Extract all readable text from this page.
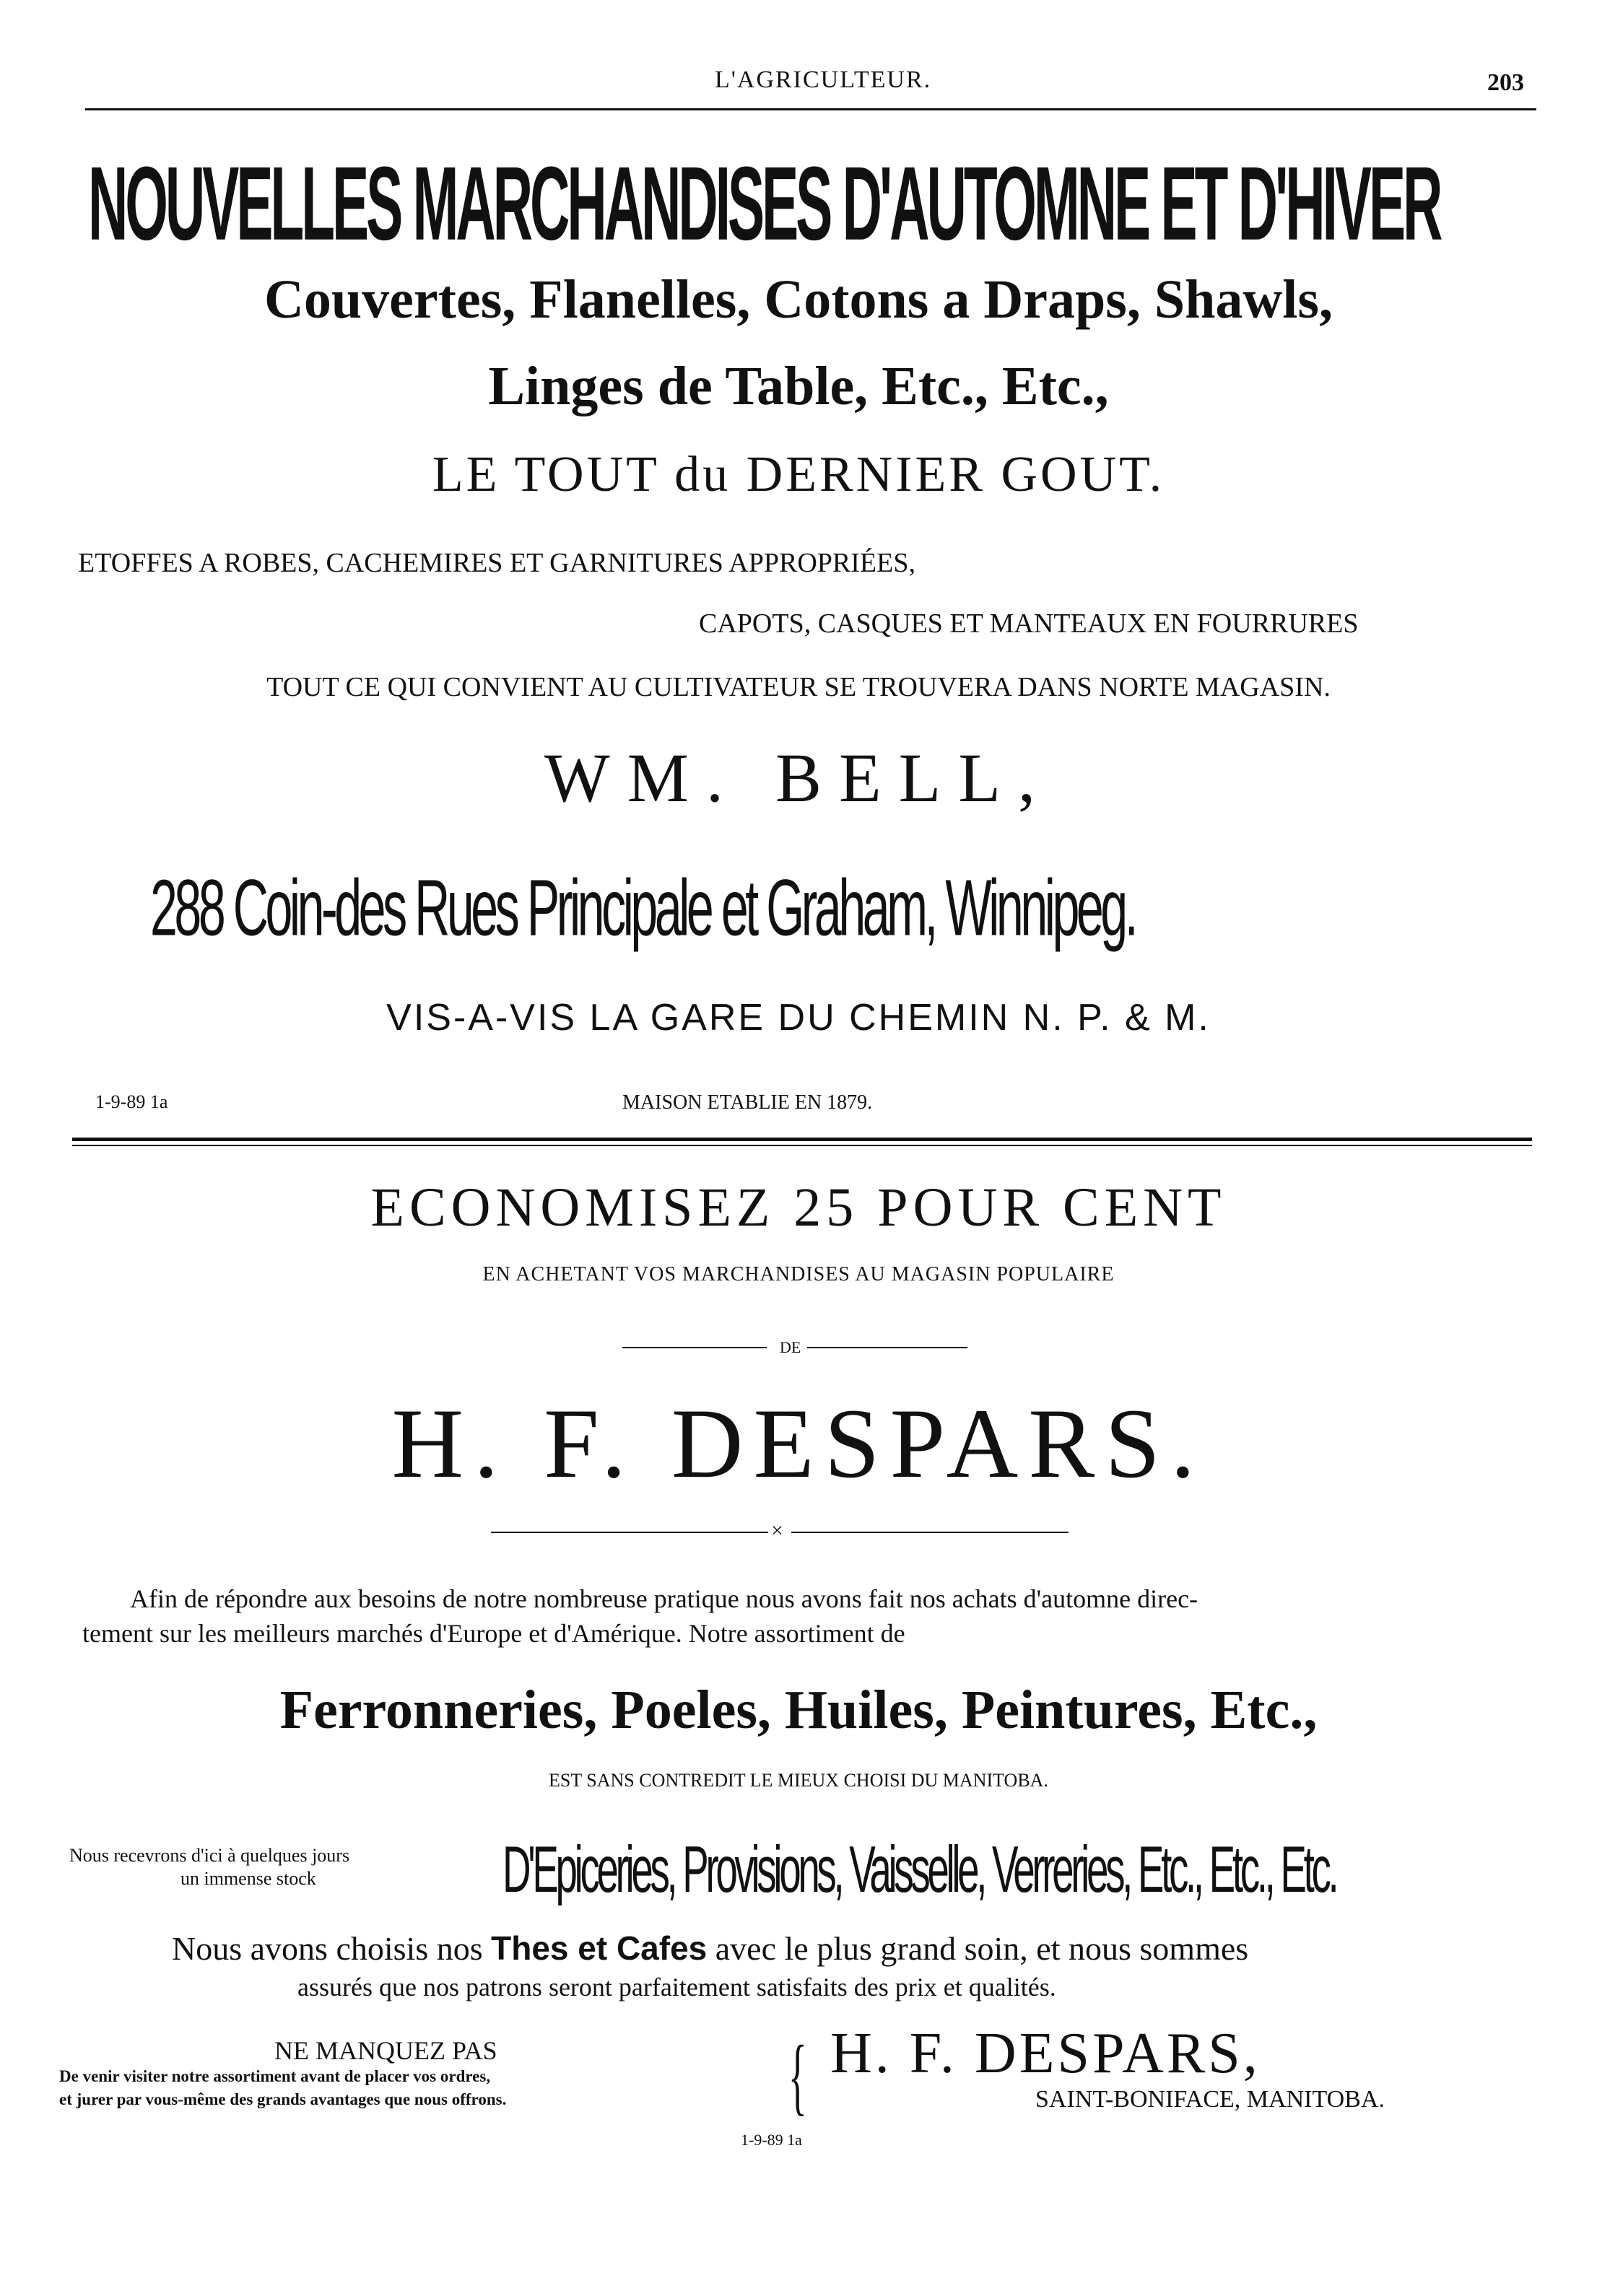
L'AGRICULTEUR.	203
NOUVELLES MARCHANDISES D'AUTOMNE ET D'HIVER
Couvertes, Flanelles, Cotons a Draps, Shawls,
Linges de Table, Etc., Etc.,
LE TOUT du DERNIER GOUT.
ETOFFES A ROBES, CACHEMIRES ET GARNITURES APPROPRIÉES,
CAPOTS, CASQUES ET MANTEAUX EN FOURRURES
TOUT CE QUI CONVIENT AU CULTIVATEUR SE TROUVERA DANS NORTE MAGASIN.
WM. BELL,
288 Coin-des Rues Principale et Graham, Winnipeg.
VIS-A-VIS LA GARE DU CHEMIN N. P. & M.
1-9-89 1a	MAISON ETABLIE EN 1879.
ECONOMISEZ 25 POUR CENT
EN ACHETANT VOS MARCHANDISES AU MAGASIN POPULAIRE
DE
H. F. DESPARS.
×
Afin de répondre aux besoins de notre nombreuse pratique nous avons fait nos achats d'automne direc-
tement sur les meilleurs marchés d'Europe et d'Amérique. Notre assortiment de
Ferronneries, Poeles, Huiles, Peintures, Etc.,
EST SANS CONTREDIT LE MIEUX CHOISI DU MANITOBA.
Nous recevrons d'ici à quelques jours
un immense stock	D'Epiceries, Provisions, Vaisselle, Verreries, Etc., Etc., Etc.
Nous avons choisis nos Thes et Cafes avec le plus grand soin, et nous sommes
assurés que nos patrons seront parfaitement satisfaits des prix et qualités.
NE MANQUEZ PAS
De venir visiter notre assortiment avant de placer vos ordres,
et jurer par vous-même des grands avantages que nous offrons.	{ H. F. DESPARS,
SAINT-BONIFACE, MANITOBA.
1-9-89 1a
